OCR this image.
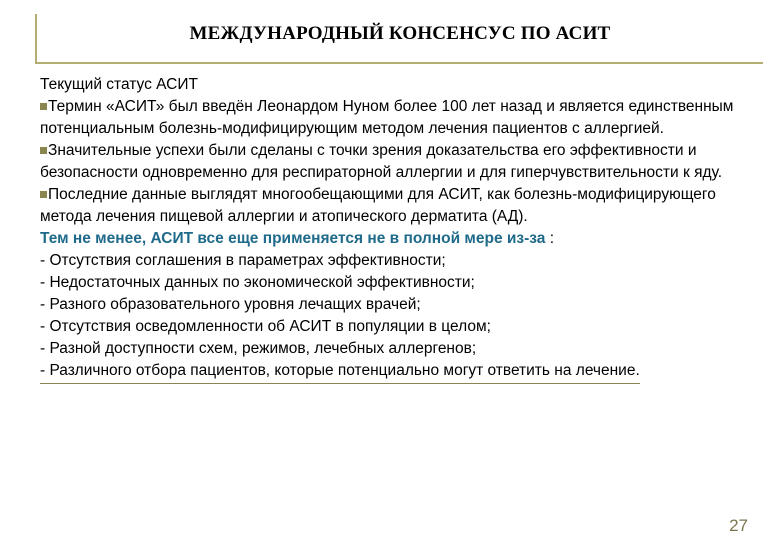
МЕЖДУНАРОДНЫЙ КОНСЕНСУС ПО АСИТ

Текущий статус АСИТ

Термин «АСИТ» был введён Леонардом Нуном более 100 лет назад и является единственным потенциальным болезнь-модифицирующим методом лечения пациентов с аллергией.

Значительные успехи были сделаны с точки зрения доказательства его эффективности и безопасности одновременно для респираторной аллергии и для гиперчувствительности к яду.

Последние данные выглядят многообещающими для АСИТ, как болезнь-модифицирующего метода лечения пищевой аллергии и атопического дерматита (АД).

Тем не менее, АСИТ все еще применяется не в полной мере из-за :

- Отсутствия соглашения в параметрах эффективности;

- Недостаточных данных по экономической эффективности;

- Разного образовательного уровня лечащих врачей;

- Отсутствия осведомленности об АСИТ в популяции в целом;

- Разной доступности схем, режимов, лечебных аллергенов;

- Различного отбора пациентов, которые потенциально могут ответить на лечение.

27
